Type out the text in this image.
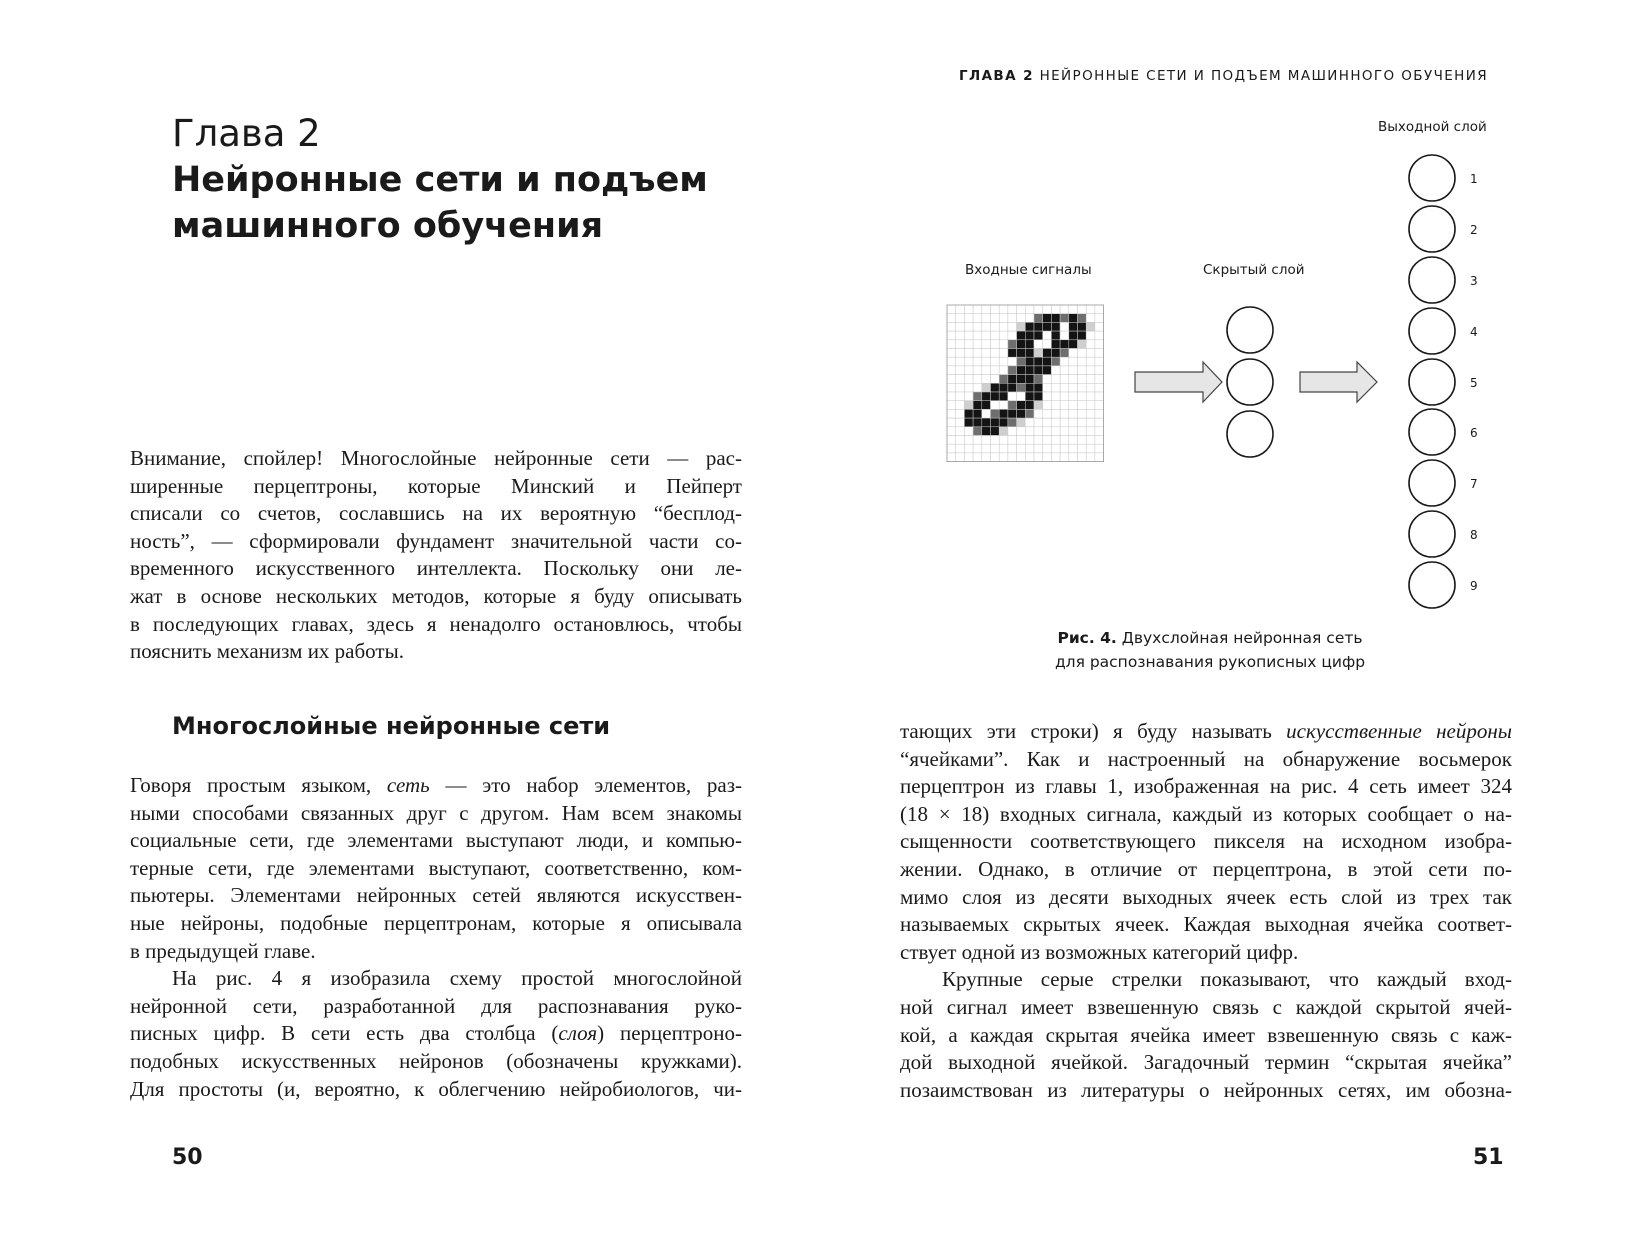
ГЛАВА 2 НЕЙРОННЫЕ СЕТИ И ПОДЪЕМ МАШИННОГО ОБУЧЕНИЯ
Глава 2
Нейронные сети и подъем
машинного обучения
Внимание, спойлер! Многослойные нейронные сети — рас-
ширенные перцептроны, которые Минский и Пейперт
списали со счетов, сославшись на их вероятную “бесплод-
ность”, — сформировали фундамент значительной части со-
временного искусственного интеллекта. Поскольку они ле-
жат в основе нескольких методов, которые я буду описывать
в последующих главах, здесь я ненадолго остановлюсь, чтобы
пояснить механизм их работы.
Многослойные нейронные сети
Говоря простым языком, сеть — это набор элементов, раз-
ными способами связанных друг с другом. Нам всем знакомы
социальные сети, где элементами выступают люди, и компью-
терные сети, где элементами выступают, соответственно, ком-
пьютеры. Элементами нейронных сетей являются искусствен-
ные нейроны, подобные перцептронам, которые я описывала
в предыдущей главе.
На рис. 4 я изобразила схему простой многослойной
нейронной сети, разработанной для распознавания руко-
писных цифр. В сети есть два столбца (слоя) перцептроно-
подобных искусственных нейронов (обозначены кружками).
Для простоты (и, вероятно, к облегчению нейробиологов, чи-
50
Входные сигналы	Скрытый слой
Выходной слой
1
2
3
4
5
6
7
8
9
Рис. 4. Двухслойная нейронная сеть
для распознавания рукописных цифр
тающих эти строки) я буду называть искусственные нейроны
“ячейками”. Как и настроенный на обнаружение восьмерок
перцептрон из главы 1, изображенная на рис. 4 сеть имеет 324
(18 × 18) входных сигнала, каждый из которых сообщает о на-
сыщенности соответствующего пикселя на исходном изобра-
жении. Однако, в отличие от перцептрона, в этой сети по-
мимо слоя из десяти выходных ячеек есть слой из трех так
называемых скрытых ячеек. Каждая выходная ячейка соответ-
ствует одной из возможных категорий цифр.
Крупные серые стрелки показывают, что каждый вход-
ной сигнал имеет взвешенную связь с каждой скрытой ячей-
кой, а каждая скрытая ячейка имеет взвешенную связь с каж-
дой выходной ячейкой. Загадочный термин “скрытая ячейка”
позаимствован из литературы о нейронных сетях, им обозна-
51
